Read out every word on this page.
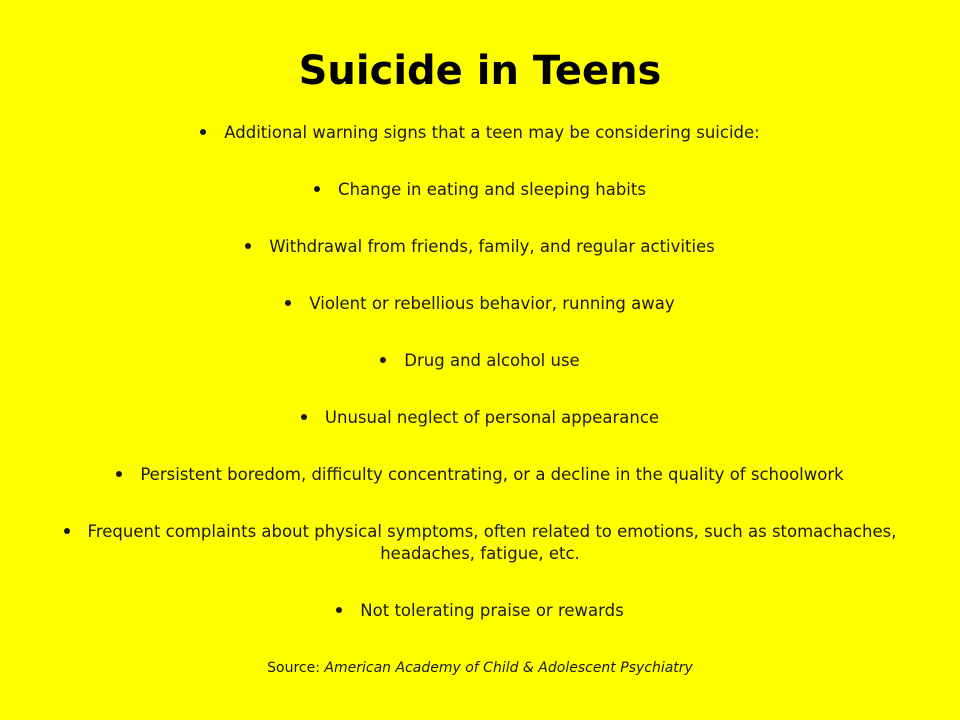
Suicide in Teens
Additional warning signs that a teen may be considering suicide:
Change in eating and sleeping habits
Withdrawal from friends, family, and regular activities
Violent or rebellious behavior, running away
Drug and alcohol use
Unusual neglect of personal appearance
Persistent boredom, difficulty concentrating, or a decline in the quality of schoolwork
Frequent complaints about physical symptoms, often related to emotions, such as stomachaches, headaches, fatigue, etc.
Not tolerating praise or rewards
Source: American Academy of Child & Adolescent Psychiatry
